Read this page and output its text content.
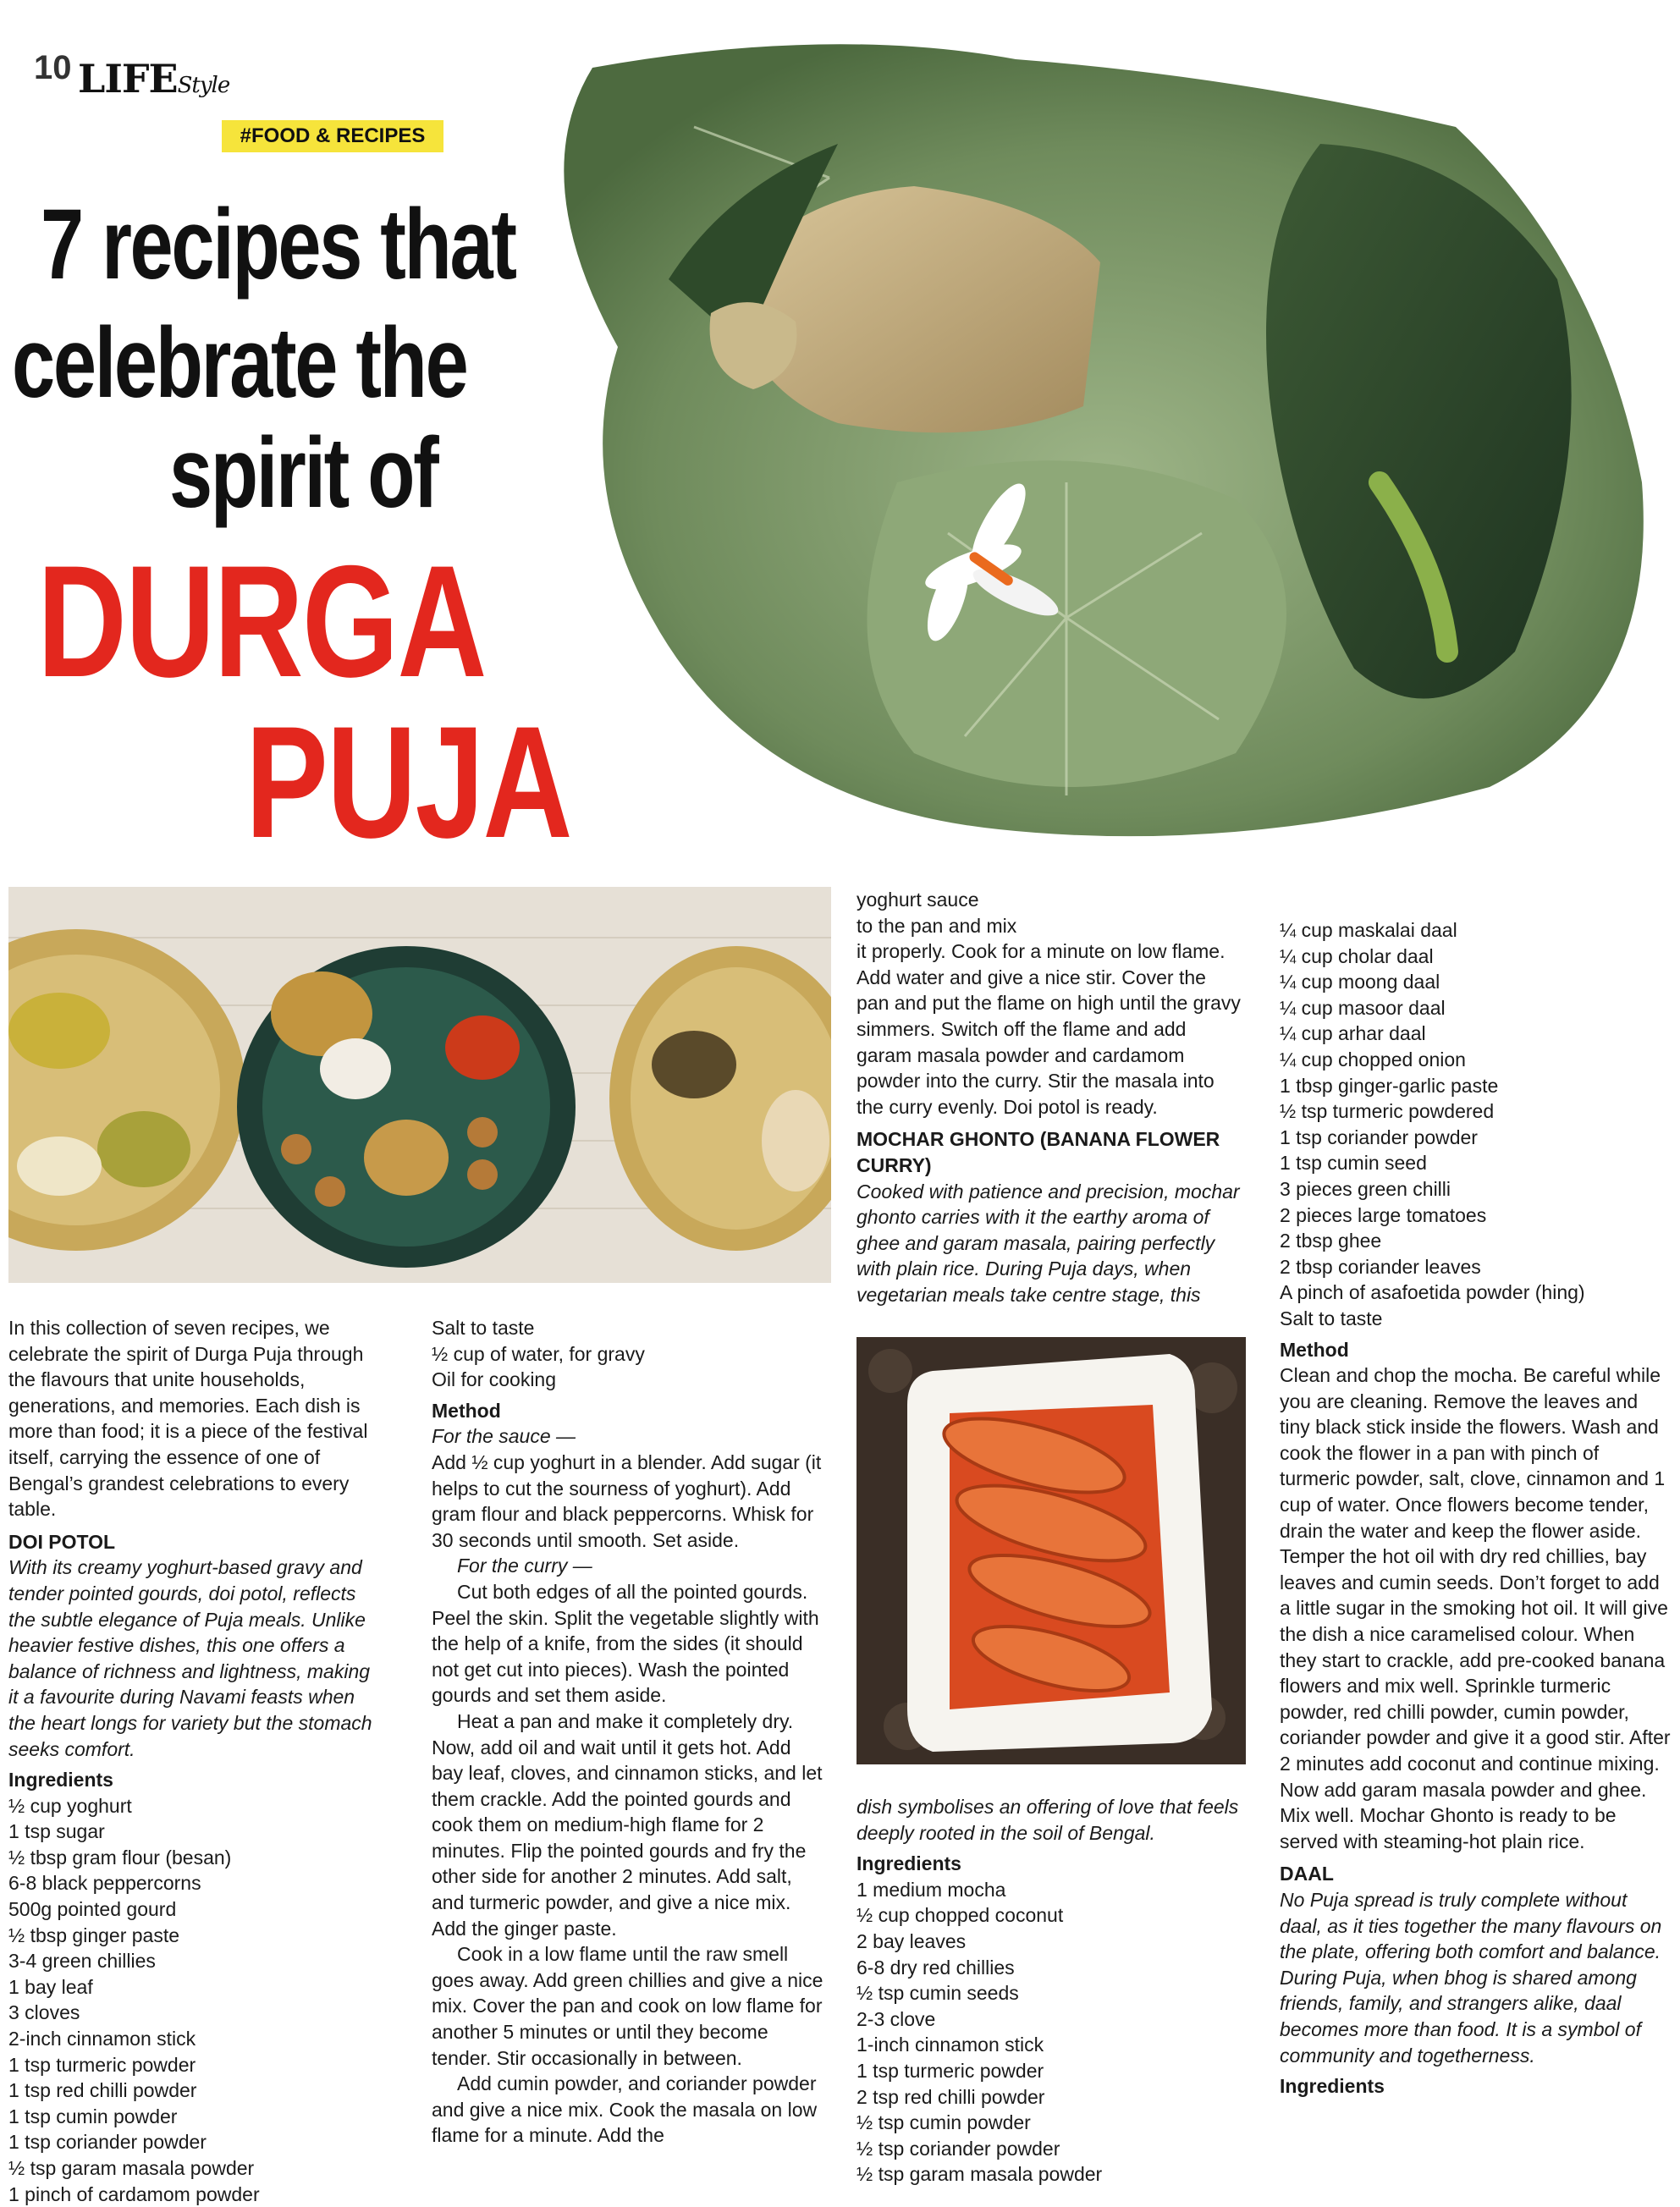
10 LIFEStyle
#FOOD & RECIPES
7 recipes that
celebrate the
spirit of
DURGA
PUJA

In this collection of seven recipes, we celebrate the spirit of Durga Puja through the flavours that unite households, generations, and memories. Each dish is more than food; it is a piece of the festival itself, carrying the essence of one of Bengal’s grandest celebrations to every table.

DOI POTOL

With its creamy yoghurt-based gravy and tender pointed gourds, doi potol, reflects the subtle elegance of Puja meals. Unlike heavier festive dishes, this one offers a balance of richness and lightness, making it a favourite during Navami feasts when the heart longs for variety but the stomach seeks comfort.

Ingredients

½ cup yoghurt

1 tsp sugar

½ tbsp gram flour (besan)

6-8 black peppercorns

500g pointed gourd

½ tbsp ginger paste

3-4 green chillies

1 bay leaf

3 cloves

2-inch cinnamon stick

1 tsp turmeric powder

1 tsp red chilli powder

1 tsp cumin powder

1 tsp coriander powder

½ tsp garam masala powder

1 pinch of cardamom powder

Salt to taste

½ cup of water, for gravy

Oil for cooking

Method

For the sauce —

Add ½ cup yoghurt in a blender. Add sugar (it helps to cut the sourness of yoghurt). Add gram flour and black peppercorns. Whisk for 30 seconds until smooth. Set aside.

For the curry —

Cut both edges of all the pointed gourds. Peel the skin. Split the vegetable slightly with the help of a knife, from the sides (it should not get cut into pieces). Wash the pointed gourds and set them aside.

Heat a pan and make it completely dry. Now, add oil and wait until it gets hot. Add bay leaf, cloves, and cinnamon sticks, and let them crackle. Add the pointed gourds and cook them on medium-high flame for 2 minutes. Flip the pointed gourds and fry the other side for another 2 minutes. Add salt, and turmeric powder, and give a nice mix. Add the ginger paste.

Cook in a low flame until the raw smell goes away. Add green chillies and give a nice mix. Cover the pan and cook on low flame for another 5 minutes or until they become tender. Stir occasionally in between.

Add cumin powder, and coriander powder and give a nice mix. Cook the masala on low flame for a minute. Add the

yoghurt sauce
to the pan and mix
it properly. Cook for a minute on low flame. Add water and give a nice stir. Cover the pan and put the flame on high until the gravy simmers. Switch off the flame and add garam masala powder and cardamom powder into the curry. Stir the masala into the curry evenly. Doi potol is ready.

MOCHAR GHONTO (BANANA FLOWER CURRY)

Cooked with patience and precision, mochar ghonto carries with it the earthy aroma of ghee and garam masala, pairing perfectly with plain rice. During Puja days, when vegetarian meals take centre stage, this

dish symbolises an offering of love that feels deeply rooted in the soil of Bengal.

Ingredients

1 medium mocha

½ cup chopped coconut

2 bay leaves

6-8 dry red chillies

½ tsp cumin seeds

2-3 clove

1-inch cinnamon stick

1 tsp turmeric powder

2 tsp red chilli powder

½ tsp cumin powder

½ tsp coriander powder

½ tsp garam masala powder

¼ cup maskalai daal

¼ cup cholar daal

¼ cup moong daal

¼ cup masoor daal

¼ cup arhar daal

¼ cup chopped onion

1 tbsp ginger-garlic paste

½ tsp turmeric powdered

1 tsp coriander powder

1 tsp cumin seed

3 pieces green chilli

2 pieces large tomatoes

2 tbsp ghee

2 tbsp coriander leaves

A pinch of asafoetida powder (hing)

Salt to taste

Method

Clean and chop the mocha. Be careful while you are cleaning. Remove the leaves and tiny black stick inside the flowers. Wash and cook the flower in a pan with pinch of turmeric powder, salt, clove, cinnamon and 1 cup of water. Once flowers become tender, drain the water and keep the flower aside. Temper the hot oil with dry red chillies, bay leaves and cumin seeds. Don’t forget to add a little sugar in the smoking hot oil. It will give the dish a nice caramelised colour. When they start to crackle, add pre-cooked banana flowers and mix well. Sprinkle turmeric powder, red chilli powder, cumin powder, coriander powder and give it a good stir. After 2 minutes add coconut and continue mixing. Now add garam masala powder and ghee. Mix well. Mochar Ghonto is ready to be served with steaming-hot plain rice.

DAAL

No Puja spread is truly complete without daal, as it ties together the many flavours on the plate, offering both comfort and balance. During Puja, when bhog is shared among friends, family, and strangers alike, daal becomes more than food. It is a symbol of community and togetherness.

Ingredients
